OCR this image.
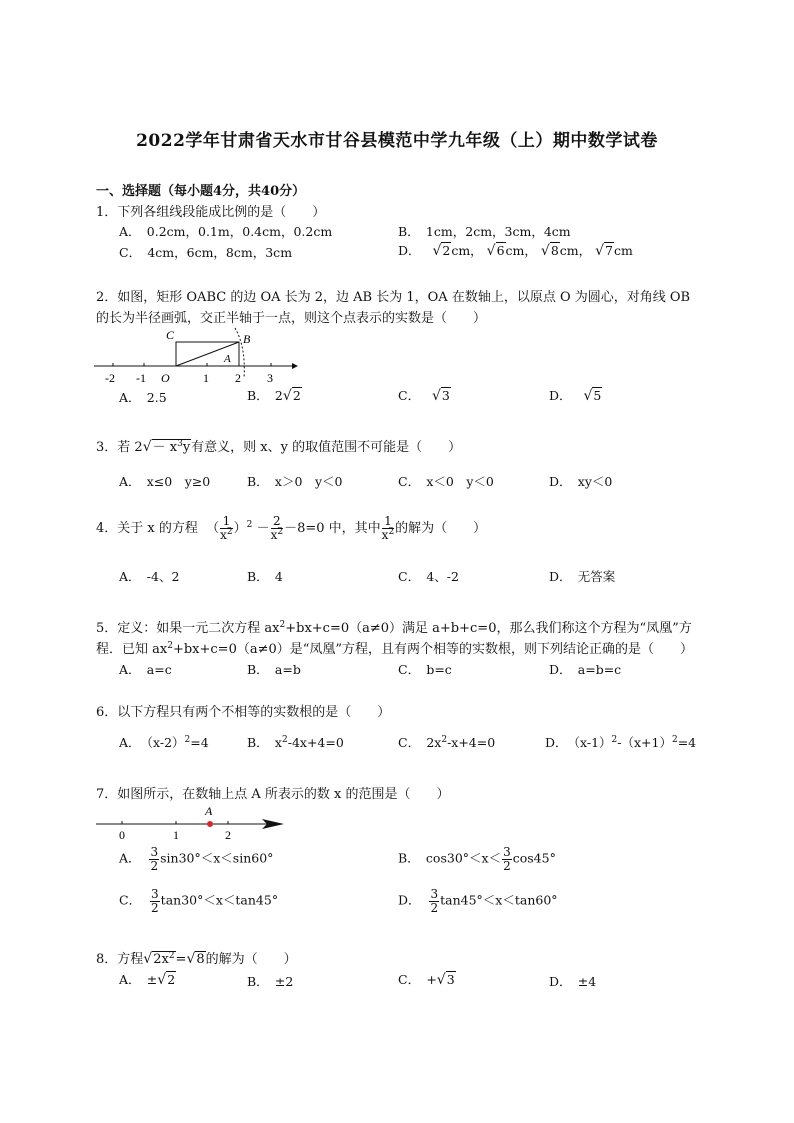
2022学年甘肃省天水市甘谷县模范中学九年级（上）期中数学试卷
一、选择题（每小题4分，共40分）
1．下列各组线段能成比例的是（　　）
A．　0.2cm，0.1m，0.4cm，0.2cm	B．　1cm，2cm，3cm，4cm
C．　4cm，6cm，8cm，3cm	D． √2cm， √6cm， √8cm， √7cm
2．如图，矩形 OABC 的边 OA 长为 2，边 AB 长为 1，OA 在数轴上，以原点 O 为圆心，对角线 OB
的长为半径画弧，交正半轴于一点，则这个点表示的实数是（　　）
C	B
A
O
-2 -1	1 2 3
A．　2.5	B．　2√2	C． √3	D． √5
3．若 $2√- x^3y$有意义，则 x、y 的取值范围不可能是（　　）
A．　x≤0　y≥0	B．　x＞0　y＜0	C．　x＜0　y＜0	D．　xy＜0
4．关于 x 的方程  （ $\frac{1}{x^2} )^2 - \frac{2}{x^2} -8=0$ 中，其中 $\frac{1}{x^2}$ 的解为（　　）
A．　-4、2	B．　4	C．　4、-2	D．　无答案
5．定义：如果一元二次方程 $ax^2+bx+c=0(a\ne 0)$满足 a+b+c=0，那么我们称这个方程为“凤凰”方
程．已知 $ax^2+bx+c=0(a\ne 0)$是“凤凰”方程，且有两个相等的实数根，则下列结论正确的是（　　）
A．　a=c	B．　a=b	C．　b=c	D．　a=b=c
6．以下方程只有两个不相等的实数根的是（　　）
A．　$(x-2)^2=4$	B．　$x^2-4x+4=0$	C．　$2x^2-x+4=0$	D．　$(x-1)^2-(x+1)^2=4$
7．如图所示，在数轴上点 A 所表示的数 x 的范围是（　　）
A
0	1	2
A． $\frac{3}{2} \sin 30^\circ<x<\sin 60^\circ$	B．　$\cos 30^\circ<x< \frac{3}{2} \cos 45^\circ$
C． $\frac{3}{2} \tan 30^\circ<x<\tan 45^\circ$	D． $\frac{3}{2} \tan 45^\circ<x<\tan 60^\circ$
8．方程$√2x^2=√8$的解为（　　）
A．　±√2	B．　±2	C．　+√3	D．　±4
